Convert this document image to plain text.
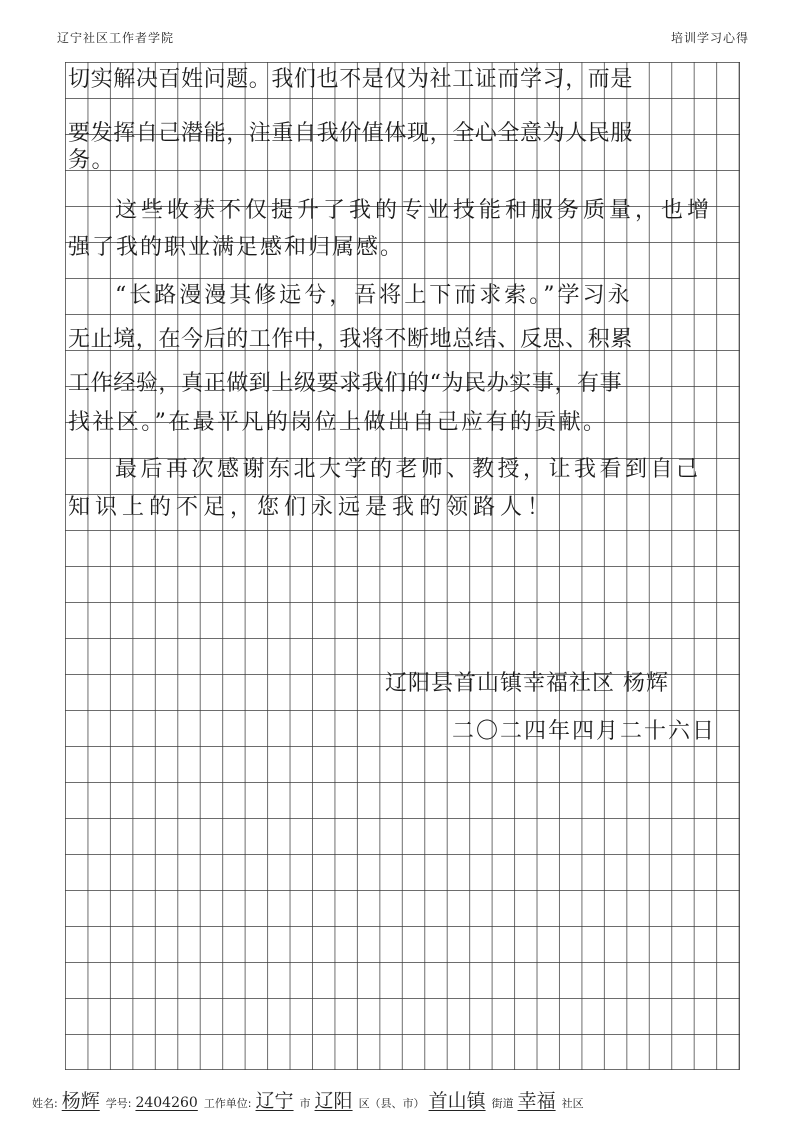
辽宁社区工作者学院	培训学习心得
切实解决百姓问题。我们也不是仅为社工证而学习，而是
要发挥自己潜能，注重自我价值体现，全心全意为人民服
务。
这些收获不仅提升了我的专业技能和服务质量，也增
强了我的职业满足感和归属感。
“长路漫漫其修远兮，吾将上下而求索。”学习永
无止境，在今后的工作中，我将不断地总结、反思、积累
工作经验，真正做到上级要求我们的“为民办实事，有事
找社区。”在最平凡的岗位上做出自己应有的贡献。
最后再次感谢东北大学的老师、教授，让我看到自己
知识上的不足，您们永远是我的领路人！
辽阳县首山镇幸福社区 杨辉
二〇二四年四月二十六日
姓名: 杨辉 学号: 2404260 工作单位: 辽宁 市 辽阳 区（县、市） 首山镇 街道 幸福 社区
